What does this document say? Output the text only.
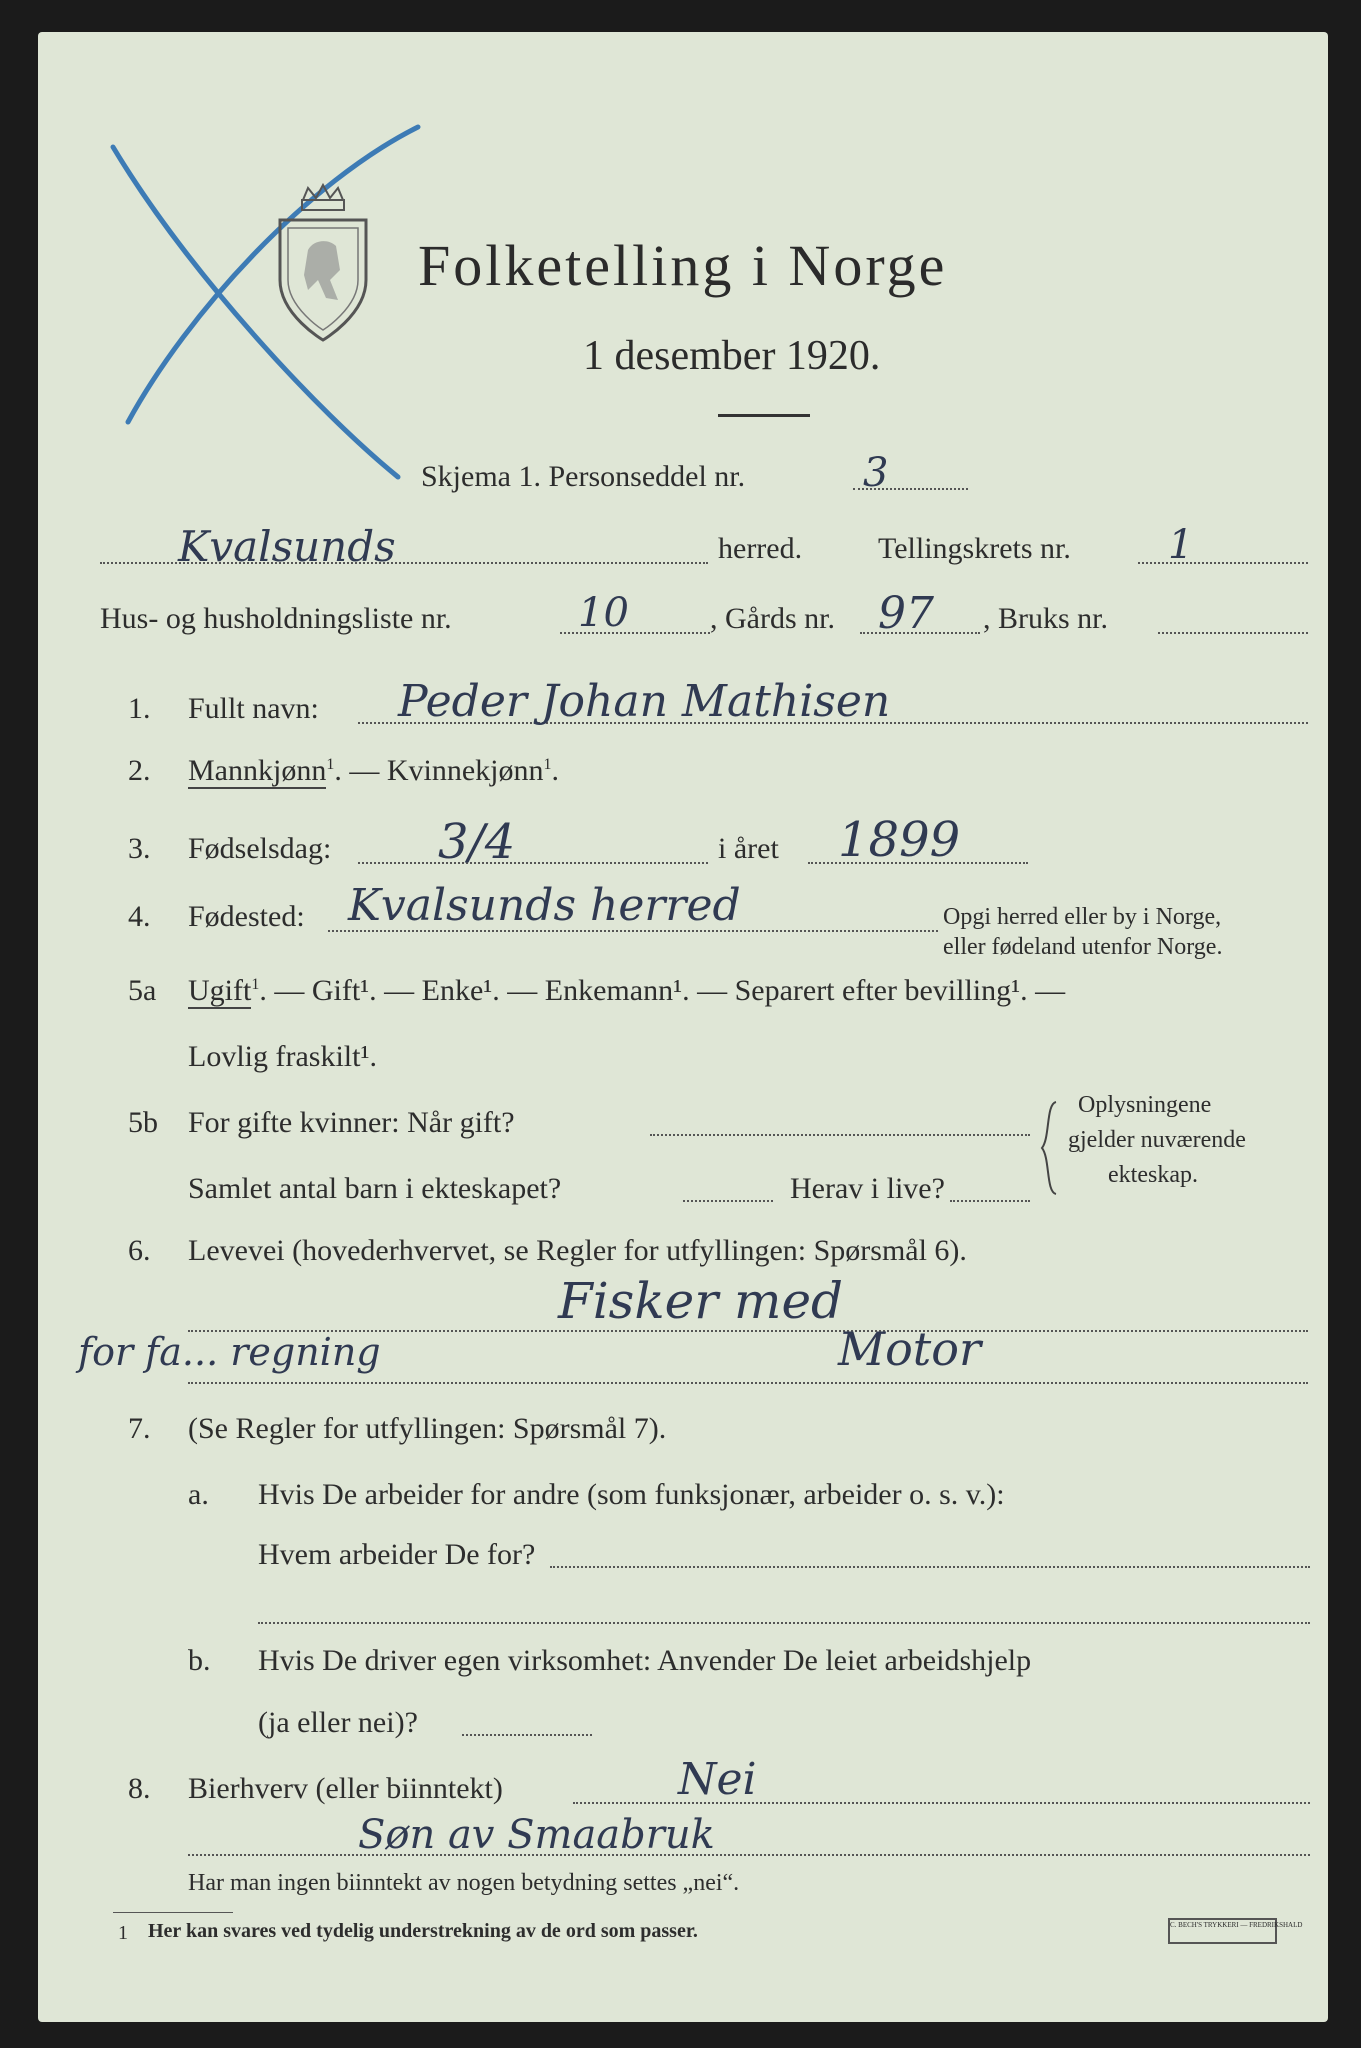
Folketelling i Norge
1 desember 1920.
Skjema 1. Personseddel nr.	3
Kvalsunds	herred.	Tellingskrets nr. 1
Hus- og husholdningsliste nr.	10	, Gårds nr. 97 , Bruks nr.
1. Fullt navn: Peder Johan Mathisen
2. Mannkjønn$^1$. — Kvinnekjønn$^1$.
3. Fødselsdag: 3/4	i året 1899
4. Fødested: Kvalsunds herred	Opgi herred eller by i Norge,
eller fødeland utenfor Norge.
5a Ugift$^1$. — Gift¹. — Enke¹. — Enkemann¹. — Separert efter bevilling¹. —
Lovlig fraskilt¹.
5b For gifte kvinner: Når gift?
Samlet antal barn i ekteskapet?	Herav i live?
Oplysningene
gjelder nuværende
ekteskap.
6. Levevei (hovederhvervet, se Regler for utfyllingen: Spørsmål 6).
Fisker med
for fa... regning	Motor
7. (Se Regler for utfyllingen: Spørsmål 7).
a. Hvis De arbeider for andre (som funksjonær, arbeider o. s. v.):
Hvem arbeider De for?
b. Hvis De driver egen virksomhet: Anvender De leiet arbeidshjelp
(ja eller nei)?
8. Bierhverv (eller biinntekt)	Nei
Søn av Smaabruk
Har man ingen biinntekt av nogen betydning settes „nei“.
1 Her kan svares ved tydelig understrekning av de ord som passer.	C. BECH'S TRYKKERI — FREDRIKSHALD
